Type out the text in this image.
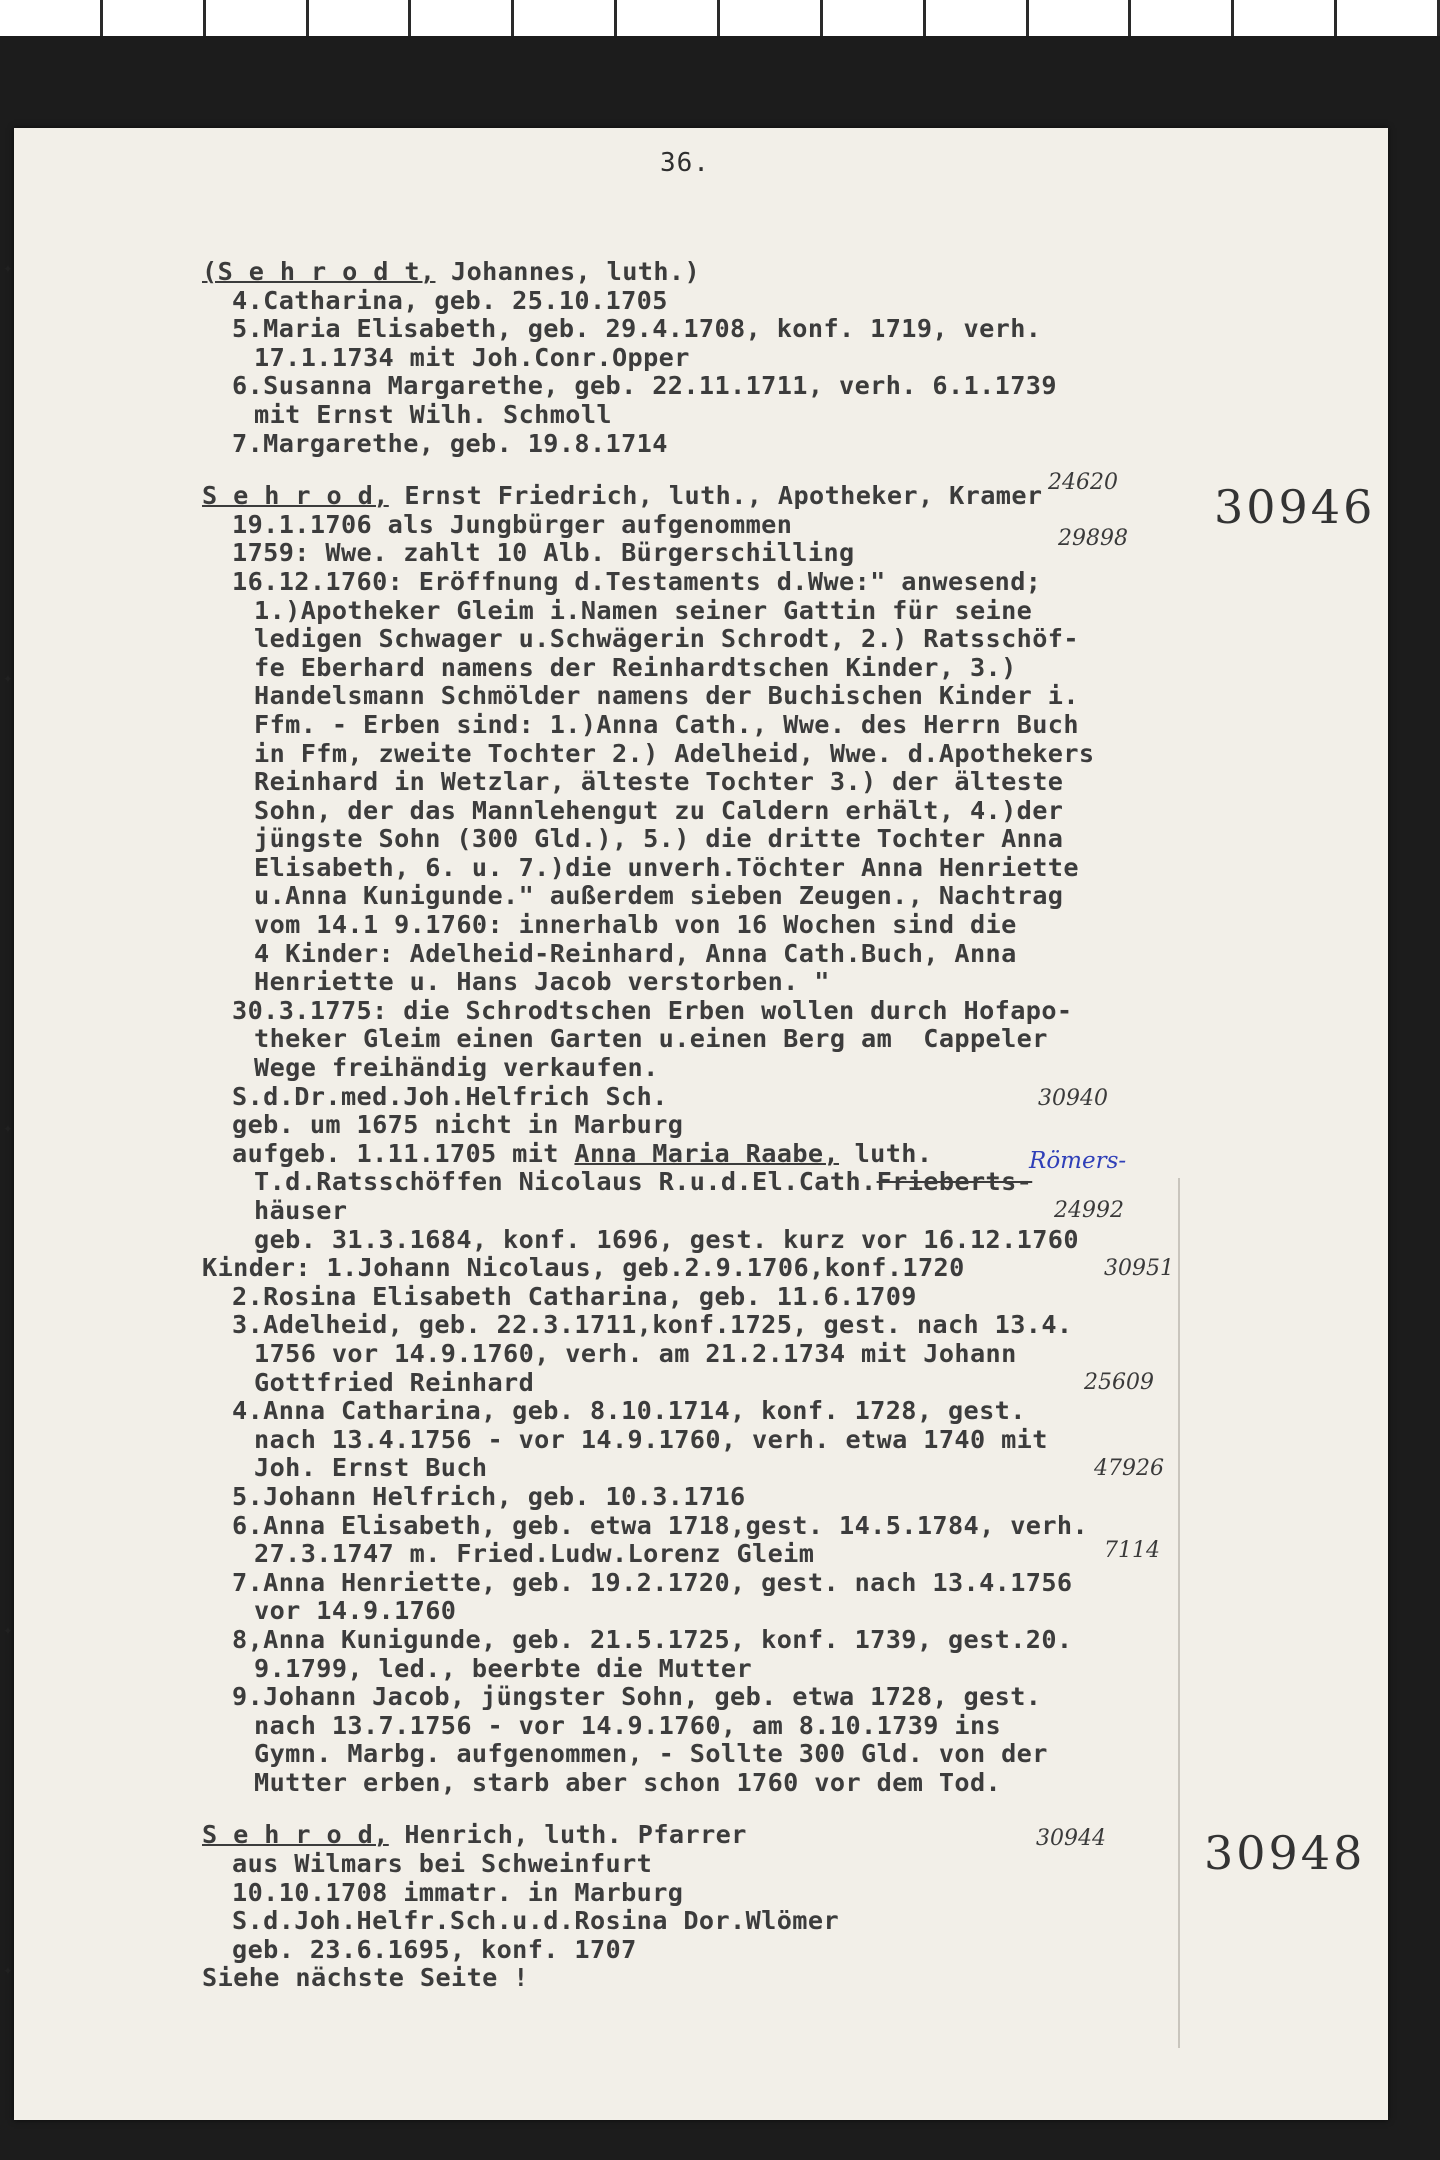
✦
✦
✦
✦
✦
36.
30946
30948
24620
29898
30940
Römers-
24992
30951
25609
47926
7114
30944
(S e h r o d t, Johannes, luth.)
4.Catharina, geb. 25.10.1705
5.Maria Elisabeth, geb. 29.4.1708, konf. 1719, verh.
17.1.1734 mit Joh.Conr.Opper
6.Susanna Margarethe, geb. 22.11.1711, verh. 6.1.1739
mit Ernst Wilh. Schmoll
7.Margarethe, geb. 19.8.1714
S e h r o d, Ernst Friedrich, luth., Apotheker, Kramer
19.1.1706 als Jungbürger aufgenommen
1759: Wwe. zahlt 10 Alb. Bürgerschilling
16.12.1760: Eröffnung d.Testaments d.Wwe:" anwesend;
1.)Apotheker Gleim i.Namen seiner Gattin für seine
ledigen Schwager u.Schwägerin Schrodt, 2.) Ratsschöf-
fe Eberhard namens der Reinhardtschen Kinder, 3.)
Handelsmann Schmölder namens der Buchischen Kinder i.
Ffm. - Erben sind: 1.)Anna Cath., Wwe. des Herrn Buch
in Ffm, zweite Tochter 2.) Adelheid, Wwe. d.Apothekers
Reinhard in Wetzlar, älteste Tochter 3.) der älteste
Sohn, der das Mannlehengut zu Caldern erhält, 4.)der
jüngste Sohn (300 Gld.), 5.) die dritte Tochter Anna
Elisabeth, 6. u. 7.)die unverh.Töchter Anna Henriette
u.Anna Kunigunde." außerdem sieben Zeugen., Nachtrag
vom 14.1 9.1760: innerhalb von 16 Wochen sind die
4 Kinder: Adelheid-Reinhard, Anna Cath.Buch, Anna
Henriette u. Hans Jacob verstorben. "
30.3.1775: die Schrodtschen Erben wollen durch Hofapo-
theker Gleim einen Garten u.einen Berg am  Cappeler
Wege freihändig verkaufen.
S.d.Dr.med.Joh.Helfrich Sch.
geb. um 1675 nicht in Marburg
aufgeb. 1.11.1705 mit Anna Maria Raabe, luth.
T.d.Ratsschöffen Nicolaus R.u.d.El.Cath.Frieberts-
häuser
geb. 31.3.1684, konf. 1696, gest. kurz vor 16.12.1760
Kinder: 1.Johann Nicolaus, geb.2.9.1706,konf.1720
2.Rosina Elisabeth Catharina, geb. 11.6.1709
3.Adelheid, geb. 22.3.1711,konf.1725, gest. nach 13.4.
1756 vor 14.9.1760, verh. am 21.2.1734 mit Johann
Gottfried Reinhard
4.Anna Catharina, geb. 8.10.1714, konf. 1728, gest.
nach 13.4.1756 - vor 14.9.1760, verh. etwa 1740 mit
Joh. Ernst Buch
5.Johann Helfrich, geb. 10.3.1716
6.Anna Elisabeth, geb. etwa 1718,gest. 14.5.1784, verh.
27.3.1747 m. Fried.Ludw.Lorenz Gleim
7.Anna Henriette, geb. 19.2.1720, gest. nach 13.4.1756
vor 14.9.1760
8,Anna Kunigunde, geb. 21.5.1725, konf. 1739, gest.20.
9.1799, led., beerbte die Mutter
9.Johann Jacob, jüngster Sohn, geb. etwa 1728, gest.
nach 13.7.1756 - vor 14.9.1760, am 8.10.1739 ins
Gymn. Marbg. aufgenommen, - Sollte 300 Gld. von der
Mutter erben, starb aber schon 1760 vor dem Tod.
S e h r o d, Henrich, luth. Pfarrer
aus Wilmars bei Schweinfurt
10.10.1708 immatr. in Marburg
S.d.Joh.Helfr.Sch.u.d.Rosina Dor.Wlömer
geb. 23.6.1695, konf. 1707
Siehe nächste Seite !
